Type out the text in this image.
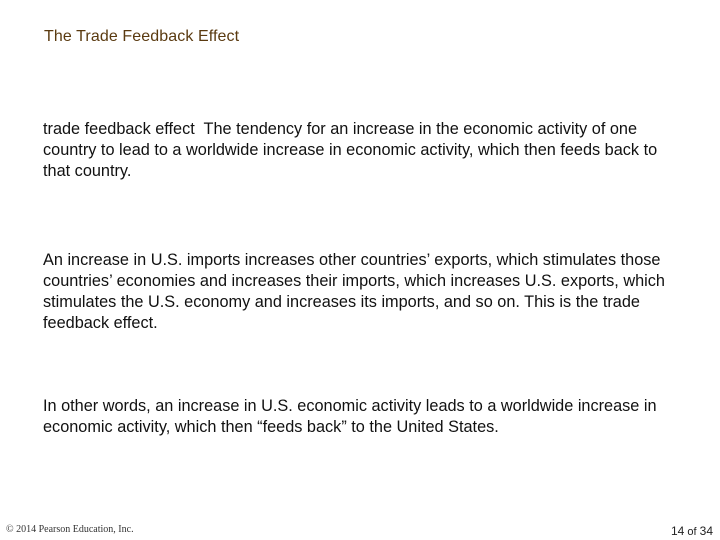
The Trade Feedback Effect
trade feedback effect The tendency for an increase in the economic activity of one country to lead to a worldwide increase in economic activity, which then feeds back to that country.
An increase in U.S. imports increases other countries’ exports, which stimulates those countries’ economies and increases their imports, which increases U.S. exports, which stimulates the U.S. economy and increases its imports, and so on. This is the trade feedback effect.
In other words, an increase in U.S. economic activity leads to a worldwide increase in economic activity, which then “feeds back” to the United States.
© 2014 Pearson Education, Inc.	14 of 34
